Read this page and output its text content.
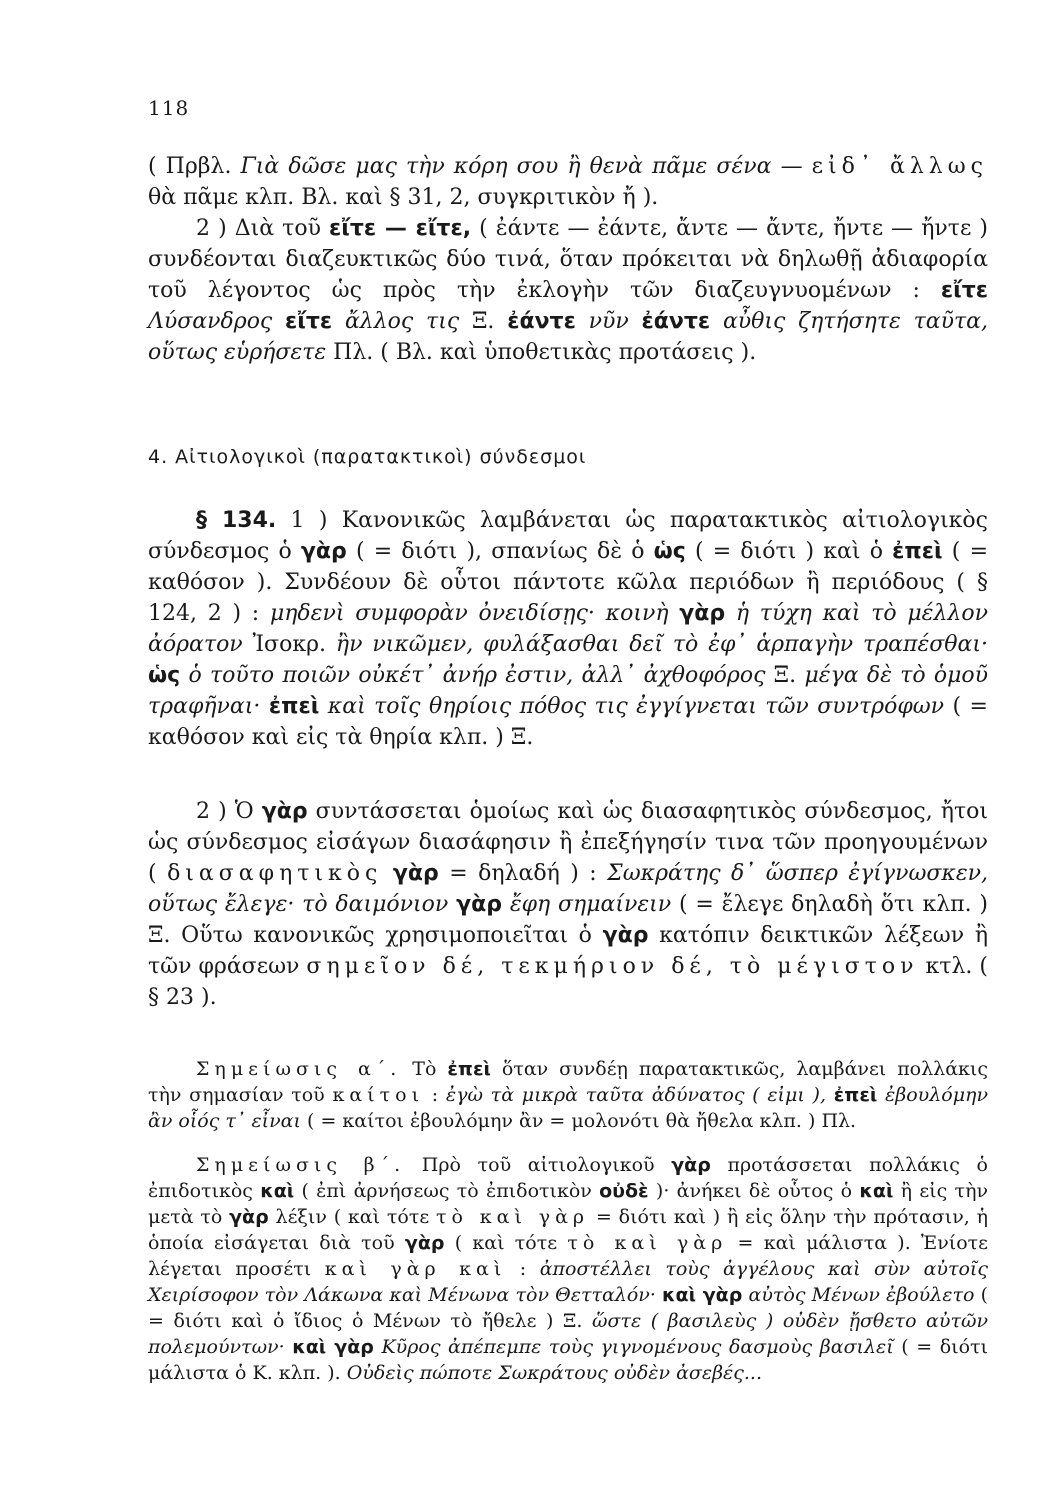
118

( Πρβλ. Γιὰ δῶσε μας τὴν κόρη σου ἢ θενὰ πᾶμε σένα — εἰδ᾽ ἄλλως θὰ πᾶμε κλπ. Βλ. καὶ § 31, 2, συγκριτικὸν ἤ ).

2 ) Διὰ τοῦ εἴτε — εἴτε, ( ἐάντε — ἐάντε, ἄντε — ἄντε, ἤντε — ἤντε ) συνδέονται διαζευκτικῶς δύο τινά, ὅταν πρόκειται νὰ δηλωθῇ ἀδιαφορία τοῦ λέγοντος ὡς πρὸς τὴν ἐκλογὴν τῶν διαζευγνυομένων : εἴτε Λύσανδρος εἴτε ἄλλος τις Ξ. ἐάντε νῦν ἐάντε αὖθις ζητήσητε ταῦτα, οὕτως εὑρήσετε Πλ. ( Βλ. καὶ ὑποθετικὰς προτάσεις ).

4. Αἰτιολογικοὶ (παρατακτικοὶ) σύνδεσμοι

§ 134. 1 ) Κανονικῶς λαμβάνεται ὡς παρατακτικὸς αἰτιολογικὸς σύνδεσμος ὁ γὰρ ( = διότι ), σπανίως δὲ ὁ ὡς ( = διότι ) καὶ ὁ ἐπεὶ ( = καθόσον ). Συνδέουν δὲ οὗτοι πάντοτε κῶλα περιόδων ἢ περιόδους ( § 124, 2 ) : μηδενὶ συμφορὰν ὀνειδίσῃς· κοινὴ γὰρ ἡ τύχη καὶ τὸ μέλλον ἀόρατον Ἰσοκρ. ἢν νικῶμεν, φυλάξασθαι δεῖ τὸ ἐφ᾽ ἁρπαγὴν τραπέσθαι· ὡς ὁ τοῦτο ποιῶν οὐκέτ᾽ ἀνήρ ἐστιν, ἀλλ᾽ ἀχθοφόρος Ξ. μέγα δὲ τὸ ὁμοῦ τραφῆναι· ἐπεὶ καὶ τοῖς θηρίοις πόθος τις ἐγγίγνεται τῶν συντρόφων ( = καθόσον καὶ εἰς τὰ θηρία κλπ. ) Ξ.

2 ) Ὁ γὰρ συντάσσεται ὁμοίως καὶ ὡς διασαφητικὸς σύνδεσμος, ἤτοι ὡς σύνδεσμος εἰσάγων διασάφησιν ἢ ἐπεξήγησίν τινα τῶν προηγουμένων ( διασαφητικὸς γὰρ = δηλαδή ) : Σωκράτης δ᾽ ὥσπερ ἐγίγνωσκεν, οὕτως ἔλεγε· τὸ δαιμόνιον γὰρ ἔφη σημαίνειν ( = ἔλεγε δηλαδὴ ὅτι κλπ. ) Ξ. Οὕτω κανονικῶς χρησιμοποιεῖται ὁ γὰρ κατόπιν δεικτικῶν λέξεων ἢ τῶν φράσεων σημεῖον δέ, τεκμήριον δέ, τὸ μέγιστον κτλ. ( § 23 ).

Σημείωσις α΄. Τὸ ἐπεὶ ὅταν συνδέῃ παρατακτικῶς, λαμβάνει πολλάκις τὴν σημασίαν τοῦ καίτοι : ἐγὼ τὰ μικρὰ ταῦτα ἀδύνατος ( εἰμι ), ἐπεὶ ἐβουλόμην ἂν οἷός τ᾽ εἶναι ( = καίτοι ἐβουλόμην ἂν = μολονότι θὰ ἤθελα κλπ. ) Πλ.

Σημείωσις β΄. Πρὸ τοῦ αἰτιολογικοῦ γὰρ προτάσσεται πολλάκις ὁ ἐπιδοτικὸς καὶ ( ἐπὶ ἀρνήσεως τὸ ἐπιδοτικὸν οὐδὲ )· ἀνήκει δὲ οὗτος ὁ καὶ ἢ εἰς τὴν μετὰ τὸ γὰρ λέξιν ( καὶ τότε τὸ καὶ γὰρ = διότι καὶ ) ἢ εἰς ὅλην τὴν πρότασιν, ἡ ὁποία εἰσάγεται διὰ τοῦ γὰρ ( καὶ τότε τὸ καὶ γὰρ = καὶ μάλιστα ). Ἐνίοτε λέγεται προσέτι καὶ γὰρ καὶ : ἀποστέλλει τοὺς ἀγγέλους καὶ σὺν αὐτοῖς Χειρίσοφον τὸν Λάκωνα καὶ Μένωνα τὸν Θετταλόν· καὶ γὰρ αὐτὸς Μένων ἐβούλετο ( = διότι καὶ ὁ ἴδιος ὁ Μένων τὸ ἤθελε ) Ξ. ὥστε ( βασιλεὺς ) οὐδὲν ᾔσθετο αὐτῶν πολεμούντων· καὶ γὰρ Κῦρος ἀπέπεμπε τοὺς γιγνομένους δασμοὺς βασιλεῖ ( = διότι μάλιστα ὁ Κ. κλπ. ). Οὐδεὶς πώποτε Σωκράτους οὐδὲν ἀσεβές...
